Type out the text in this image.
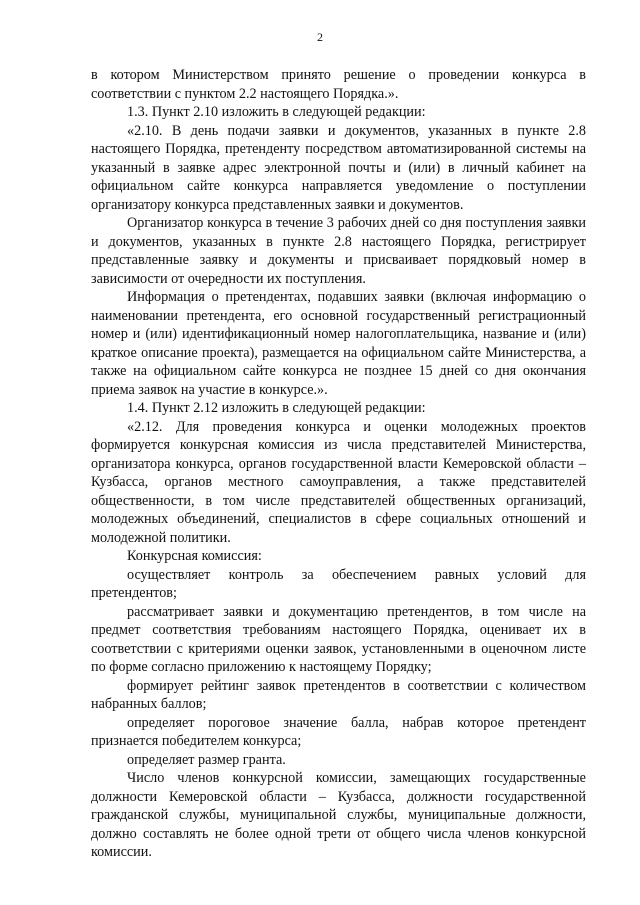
2

в котором Министерством принято решение о проведении конкурса в соответствии с пунктом 2.2 настоящего Порядка.».

1.3. Пункт 2.10 изложить в следующей редакции:

«2.10. В день подачи заявки и документов, указанных в пункте 2.8 настоящего Порядка, претенденту посредством автоматизированной системы на указанный в заявке адрес электронной почты и (или) в личный кабинет на официальном сайте конкурса направляется уведомление о поступлении организатору конкурса представленных заявки и документов.

Организатор конкурса в течение 3 рабочих дней со дня поступления заявки и документов, указанных в пункте 2.8 настоящего Порядка, регистрирует представленные заявку и документы и присваивает порядковый номер в зависимости от очередности их поступления.

Информация о претендентах, подавших заявки (включая информацию о наименовании претендента, его основной государственный регистрационный номер и (или) идентификационный номер налогоплательщика, название и (или) краткое описание проекта), размещается на официальном сайте Министерства, а также на официальном сайте конкурса не позднее 15 дней со дня окончания приема заявок на участие в конкурсе.».

1.4. Пункт 2.12 изложить в следующей редакции:

«2.12. Для проведения конкурса и оценки молодежных проектов формируется конкурсная комиссия из числа представителей Министерства, организатора конкурса, органов государственной власти Кемеровской области – Кузбасса, органов местного самоуправления, а также представителей общественности, в том числе представителей общественных организаций, молодежных объединений, специалистов в сфере социальных отношений и молодежной политики.

Конкурсная комиссия:

осуществляет контроль за обеспечением равных условий для претендентов;

рассматривает заявки и документацию претендентов, в том числе на предмет соответствия требованиям настоящего Порядка, оценивает их в соответствии с критериями оценки заявок, установленными в оценочном листе по форме согласно приложению к настоящему Порядку;

формирует рейтинг заявок претендентов в соответствии с количеством набранных баллов;

определяет пороговое значение балла, набрав которое претендент признается победителем конкурса;

определяет размер гранта.

Число членов конкурсной комиссии, замещающих государственные должности Кемеровской области – Кузбасса, должности государственной гражданской службы, муниципальной службы, муниципальные должности, должно составлять не более одной трети от общего числа членов конкурсной комиссии.
